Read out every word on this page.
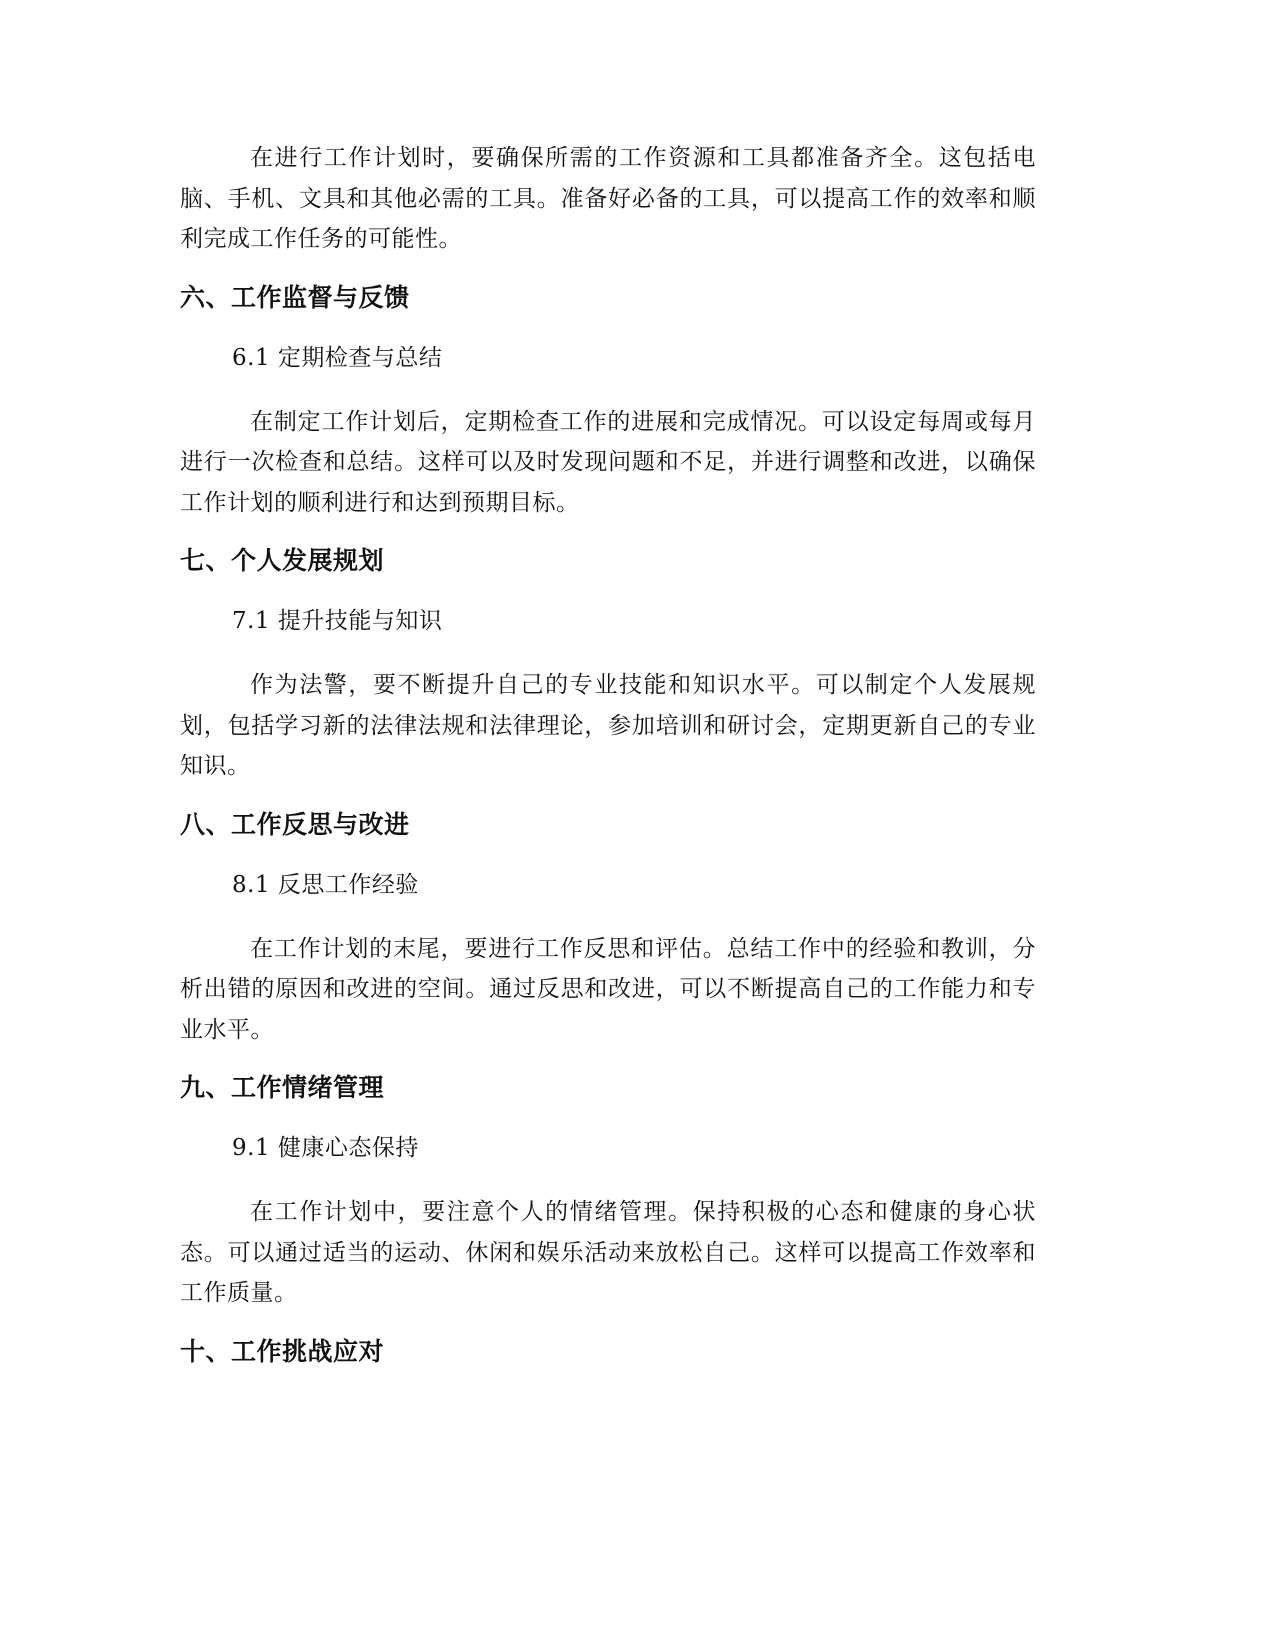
在进行工作计划时，要确保所需的工作资源和工具都准备齐全。这包括电脑、手机、文具和其他必需的工具。准备好必备的工具，可以提高工作的效率和顺利完成工作任务的可能性。

六、工作监督与反馈
6.1 定期检查与总结

在制定工作计划后，定期检查工作的进展和完成情况。可以设定每周或每月进行一次检查和总结。这样可以及时发现问题和不足，并进行调整和改进，以确保工作计划的顺利进行和达到预期目标。

七、个人发展规划
7.1 提升技能与知识

作为法警，要不断提升自己的专业技能和知识水平。可以制定个人发展规划，包括学习新的法律法规和法律理论，参加培训和研讨会，定期更新自己的专业知识。

八、工作反思与改进
8.1 反思工作经验

在工作计划的末尾，要进行工作反思和评估。总结工作中的经验和教训，分析出错的原因和改进的空间。通过反思和改进，可以不断提高自己的工作能力和专业水平。

九、工作情绪管理
9.1 健康心态保持

在工作计划中，要注意个人的情绪管理。保持积极的心态和健康的身心状态。可以通过适当的运动、休闲和娱乐活动来放松自己。这样可以提高工作效率和工作质量。

十、工作挑战应对
